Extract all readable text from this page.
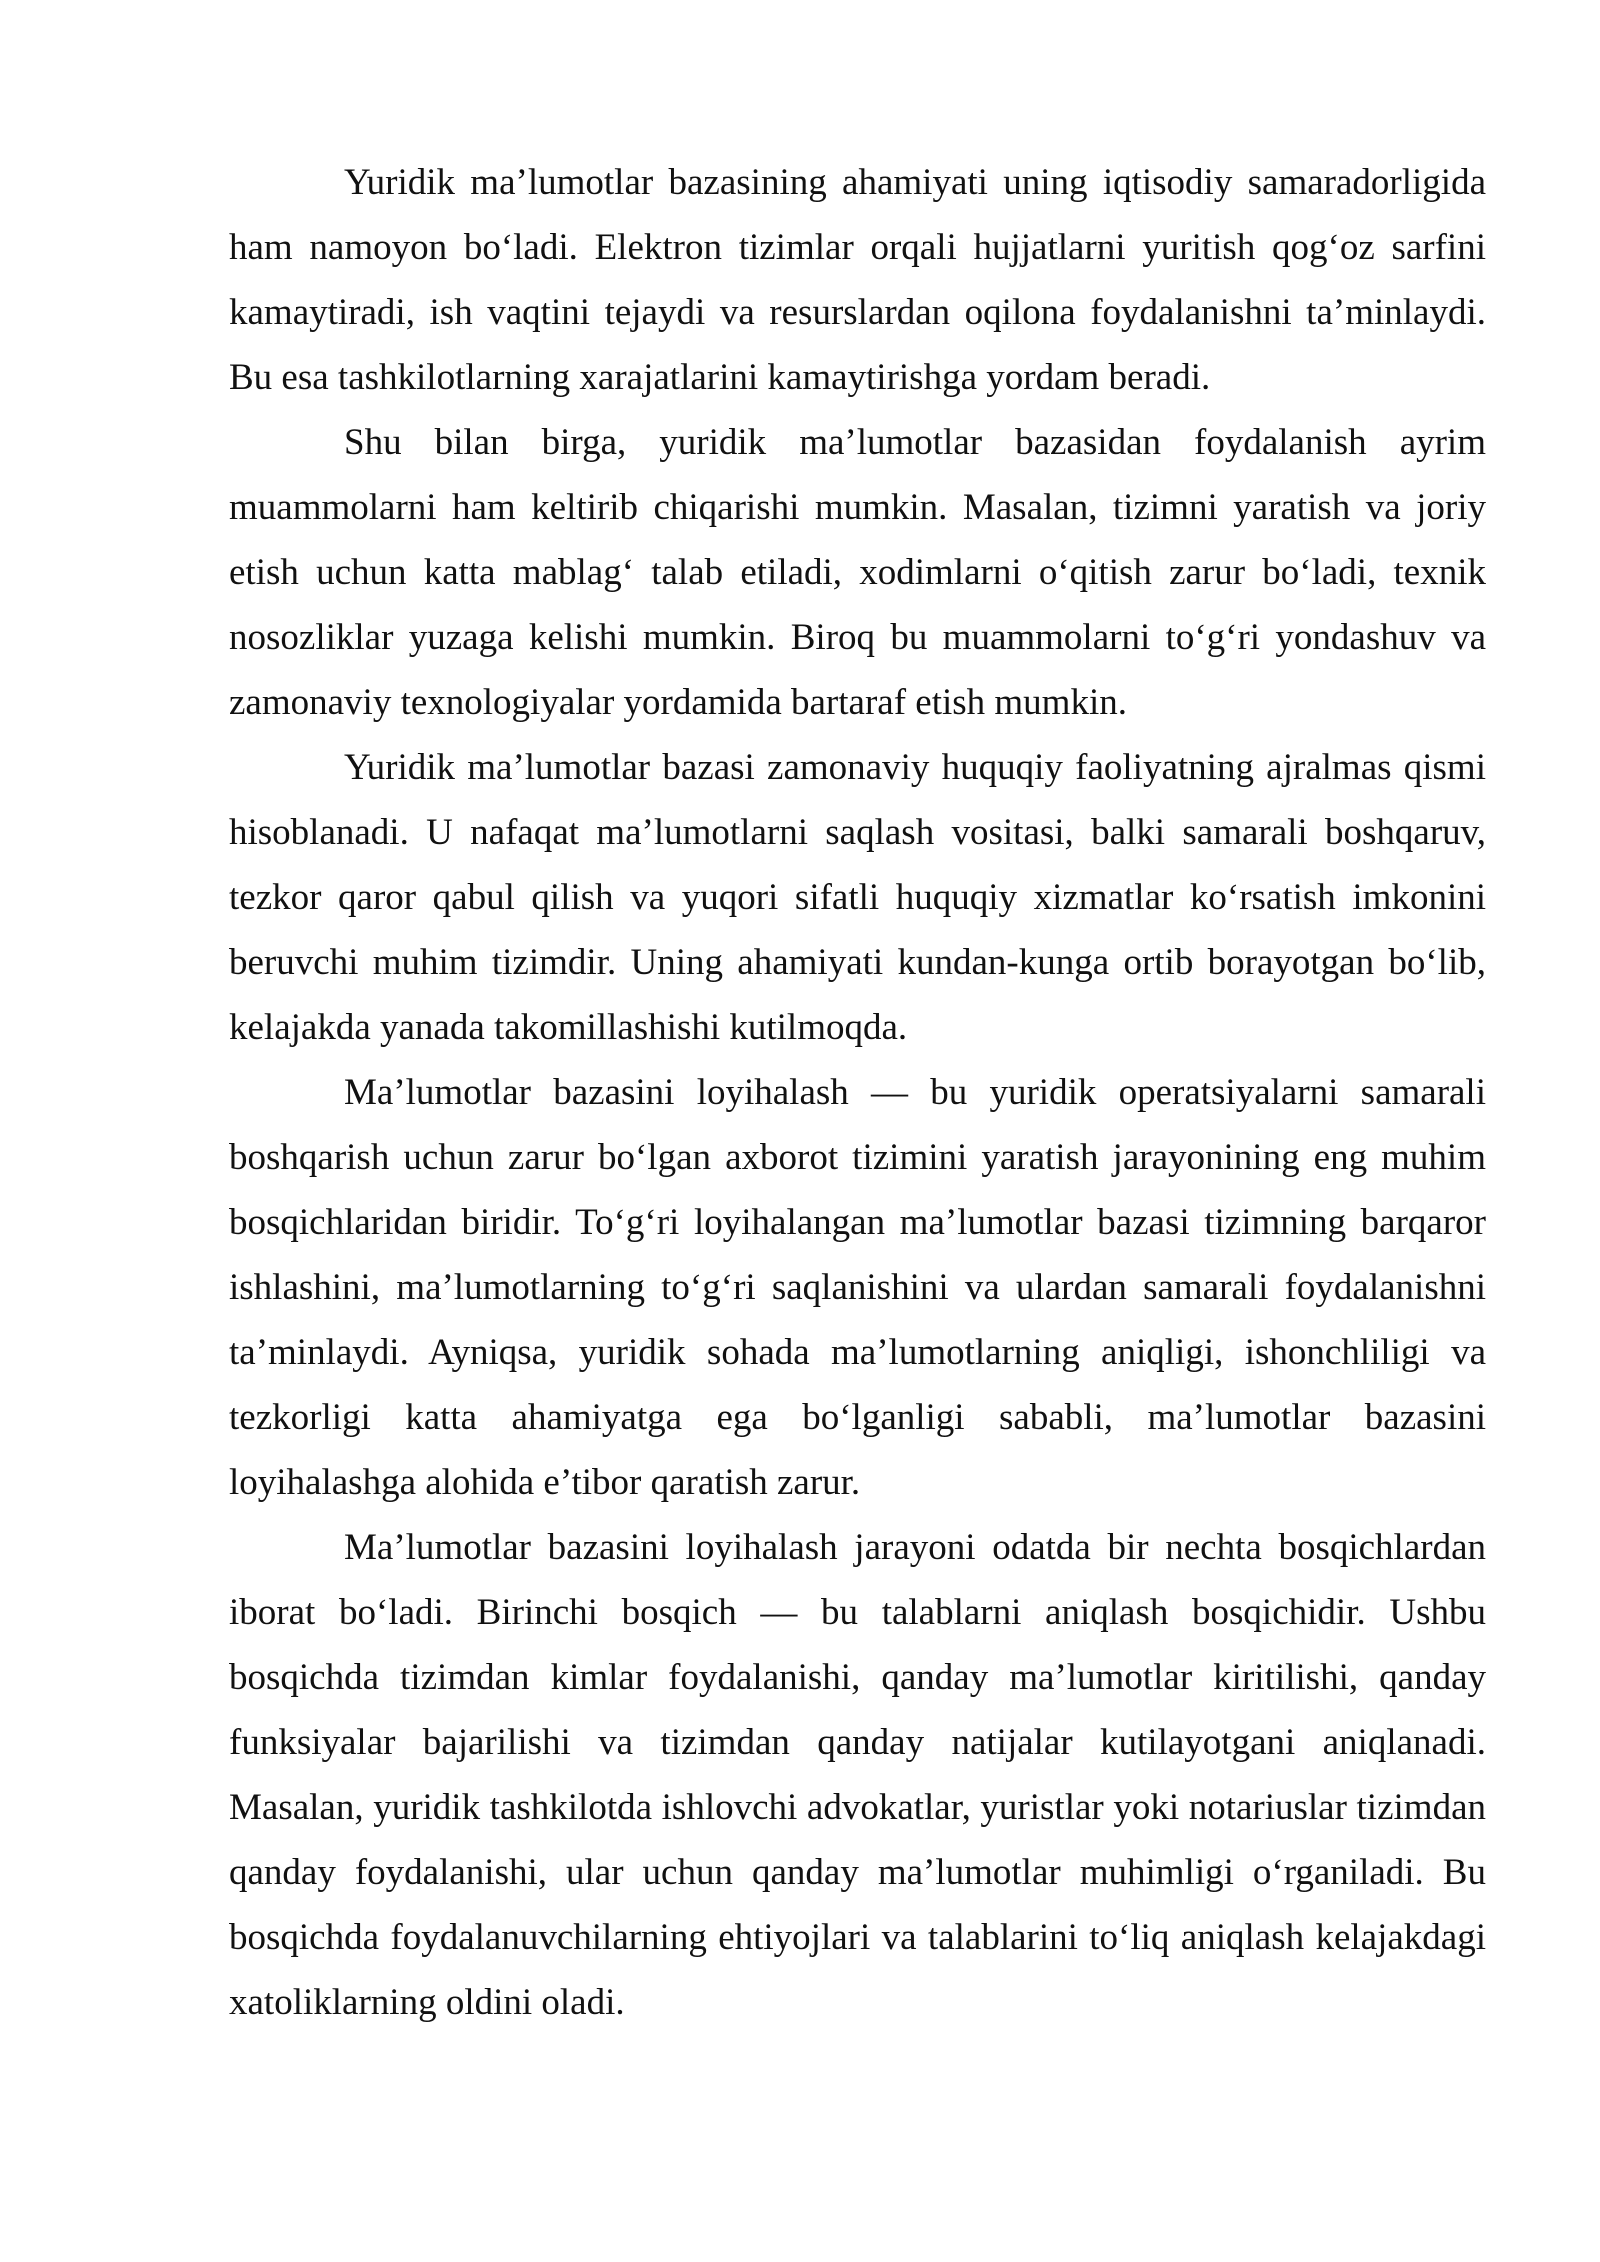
Yuridik ma’lumotlar bazasining ahamiyati uning iqtisodiy samaradorligida ham namoyon bo‘ladi. Elektron tizimlar orqali hujjatlarni yuritish qog‘oz sarfini kamaytiradi, ish vaqtini tejaydi va resurslardan oqilona foydalanishni ta’minlaydi. Bu esa tashkilotlarning xarajatlarini kamaytirishga yordam beradi.

Shu bilan birga, yuridik ma’lumotlar bazasidan foydalanish ayrim muammolarni ham keltirib chiqarishi mumkin. Masalan, tizimni yaratish va joriy etish uchun katta mablag‘ talab etiladi, xodimlarni o‘qitish zarur bo‘ladi, texnik nosozliklar yuzaga kelishi mumkin. Biroq bu muammolarni to‘g‘ri yondashuv va zamonaviy texnologiyalar yordamida bartaraf etish mumkin.

Yuridik ma’lumotlar bazasi zamonaviy huquqiy faoliyatning ajralmas qismi hisoblanadi. U nafaqat ma’lumotlarni saqlash vositasi, balki samarali boshqaruv, tezkor qaror qabul qilish va yuqori sifatli huquqiy xizmatlar ko‘rsatish imkonini beruvchi muhim tizimdir. Uning ahamiyati kundan-kunga ortib borayotgan bo‘lib, kelajakda yanada takomillashishi kutilmoqda.

Ma’lumotlar bazasini loyihalash — bu yuridik operatsiyalarni samarali boshqarish uchun zarur bo‘lgan axborot tizimini yaratish jarayonining eng muhim bosqichlaridan biridir. To‘g‘ri loyihalangan ma’lumotlar bazasi tizimning barqaror ishlashini, ma’lumotlarning to‘g‘ri saqlanishini va ulardan samarali foydalanishni ta’minlaydi. Ayniqsa, yuridik sohada ma’lumotlarning aniqligi, ishonchliligi va tezkorligi katta ahamiyatga ega bo‘lganligi sababli, ma’lumotlar bazasini loyihalashga alohida e’tibor qaratish zarur.

Ma’lumotlar bazasini loyihalash jarayoni odatda bir nechta bosqichlardan iborat bo‘ladi. Birinchi bosqich — bu talablarni aniqlash bosqichidir. Ushbu bosqichda tizimdan kimlar foydalanishi, qanday ma’lumotlar kiritilishi, qanday funksiyalar bajarilishi va tizimdan qanday natijalar kutilayotgani aniqlanadi. Masalan, yuridik tashkilotda ishlovchi advokatlar, yuristlar yoki notariuslar tizimdan qanday foydalanishi, ular uchun qanday ma’lumotlar muhimligi o‘rganiladi. Bu bosqichda foydalanuvchilarning ehtiyojlari va talablarini to‘liq aniqlash kelajakdagi xatoliklarning oldini oladi.
